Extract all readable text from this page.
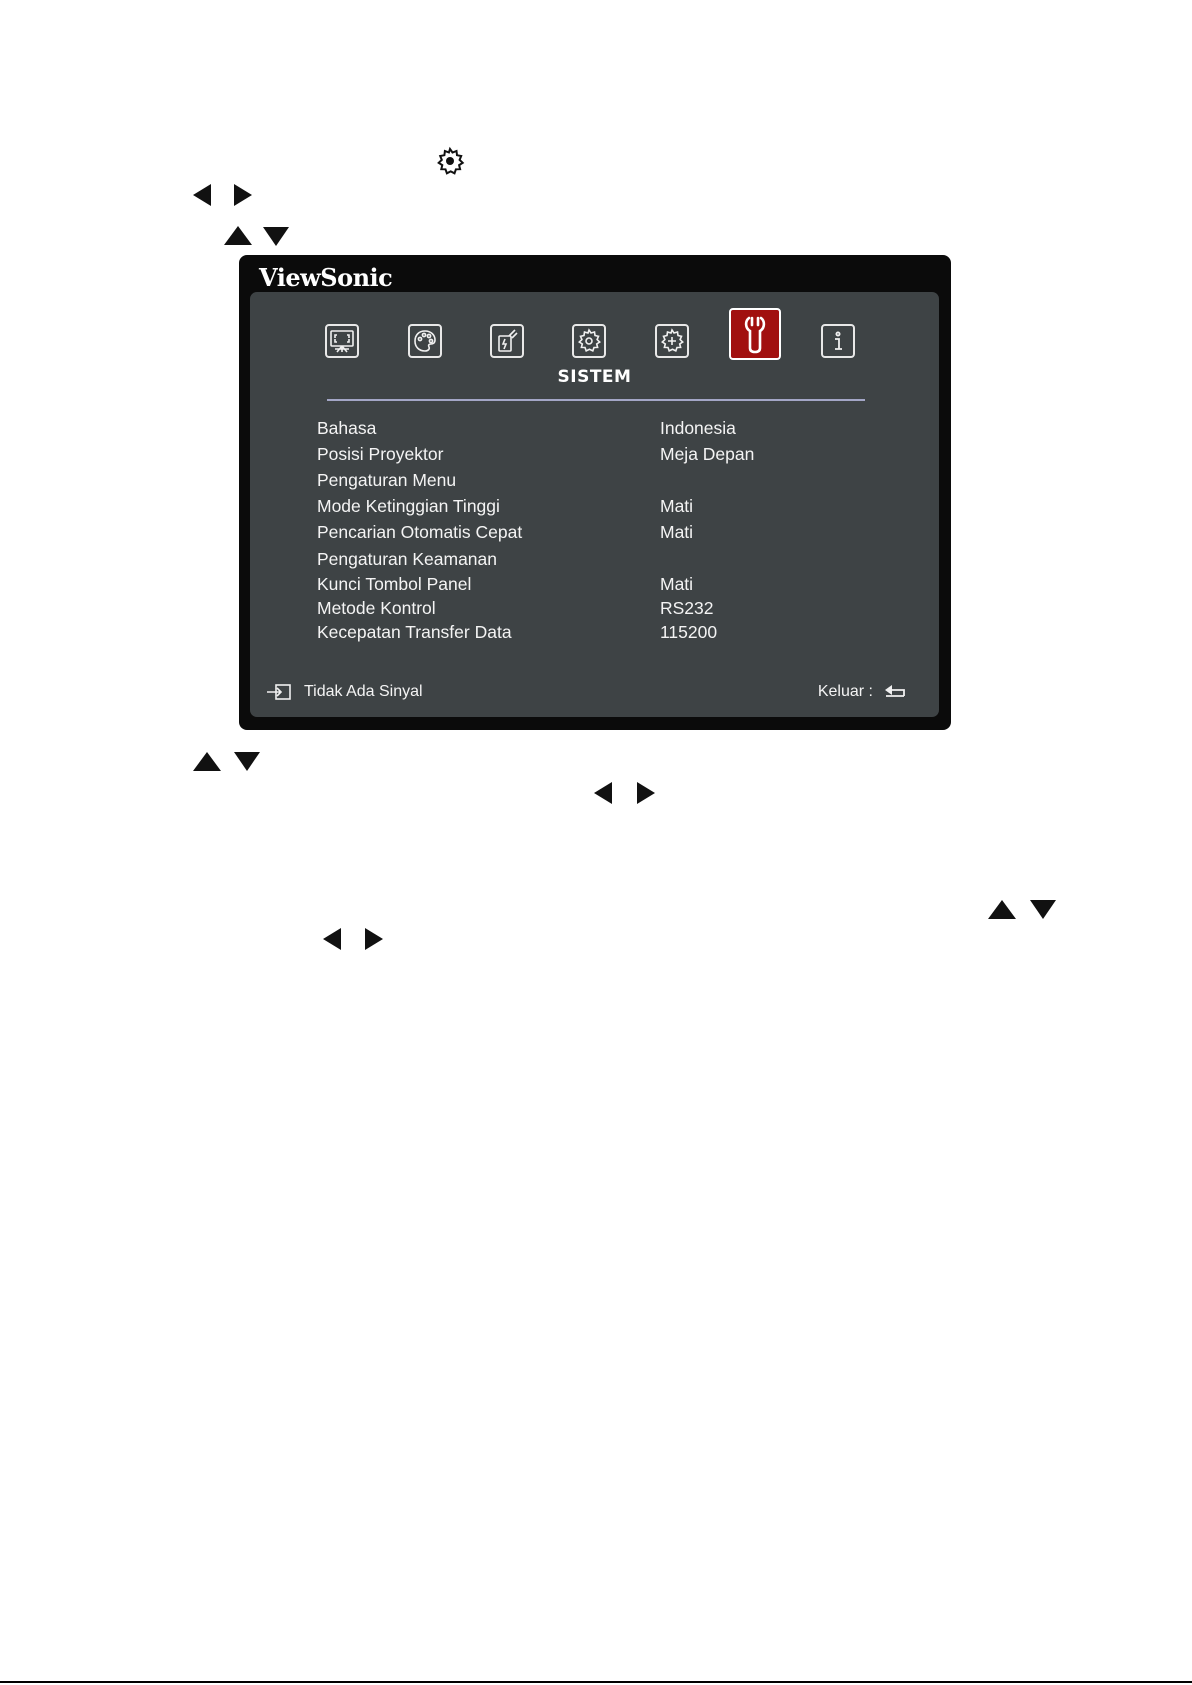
ViewSonic
SISTEM
Bahasa	Indonesia
Posisi Proyektor	Meja Depan
Pengaturan Menu
Mode Ketinggian Tinggi	Mati
Pencarian Otomatis Cepat	Mati
Pengaturan Keamanan
Kunci Tombol Panel	Mati
Metode Kontrol	RS232
Kecepatan Transfer Data	115200
Tidak Ada Sinyal	Keluar :
